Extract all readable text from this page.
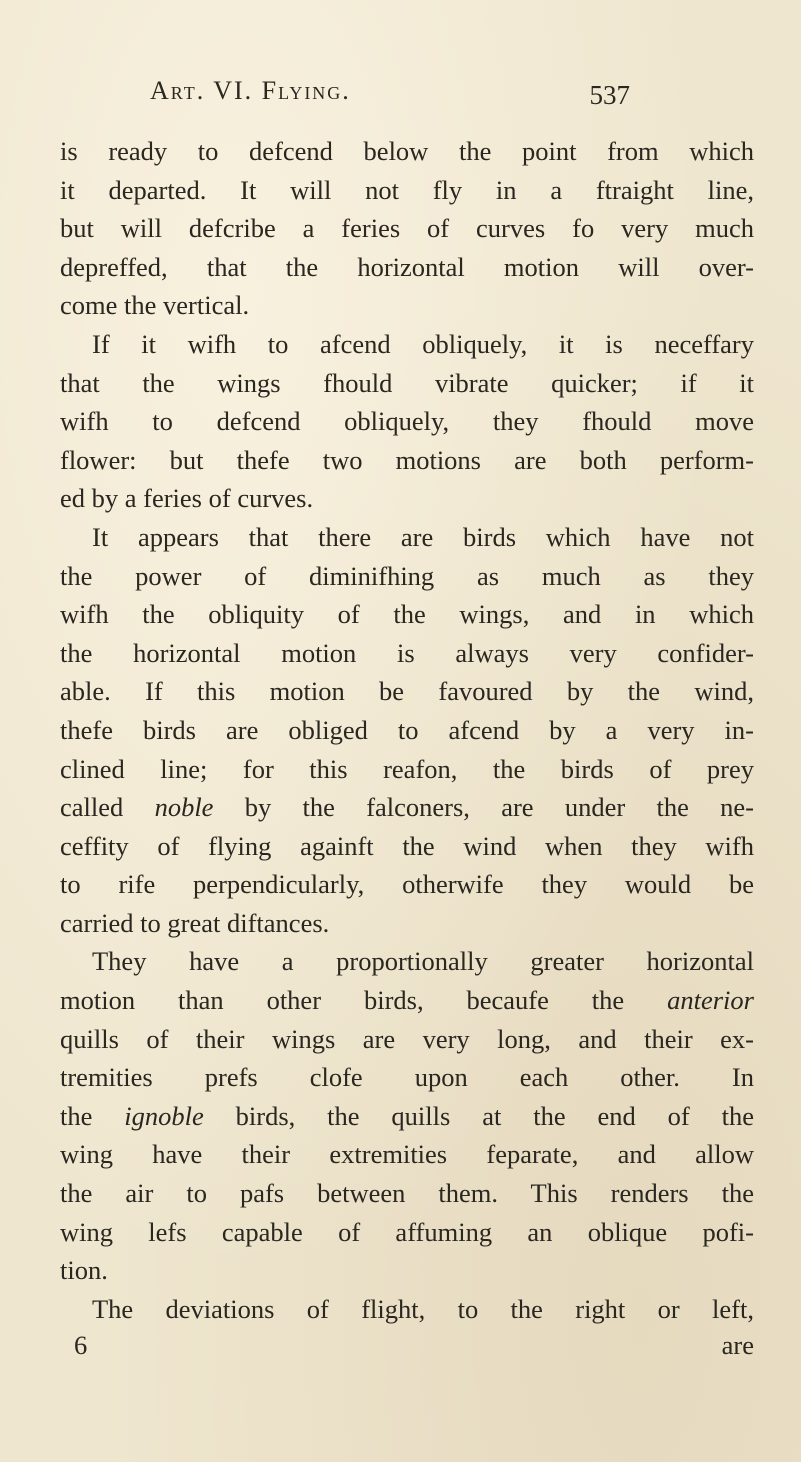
Art. VI. Flying.	537
is ready to defcend below the point from which
it departed. It will not fly in a ftraight line,
but will defcribe a feries of curves fo very much
depreffed, that the horizontal motion will over-
come the vertical.
If it wifh to afcend obliquely, it is neceffary
that the wings fhould vibrate quicker; if it
wifh to defcend obliquely, they fhould move
flower: but thefe two motions are both perform-
ed by a feries of curves.
It appears that there are birds which have not
the power of diminifhing as much as they
wifh the obliquity of the wings, and in which
the horizontal motion is always very confider-
able. If this motion be favoured by the wind,
thefe birds are obliged to afcend by a very in-
clined line; for this reafon, the birds of prey
called noble by the falconers, are under the ne-
ceffity of flying againft the wind when they wifh
to rife perpendicularly, otherwife they would be
carried to great diftances.
They have a proportionally greater horizontal
motion than other birds, becaufe the anterior
quills of their wings are very long, and their ex-
tremities prefs clofe upon each other. In
the ignoble birds, the quills at the end of the
wing have their extremities feparate, and allow
the air to pafs between them. This renders the
wing lefs capable of affuming an oblique pofi-
tion.
The deviations of flight, to the right or left,
6	are
